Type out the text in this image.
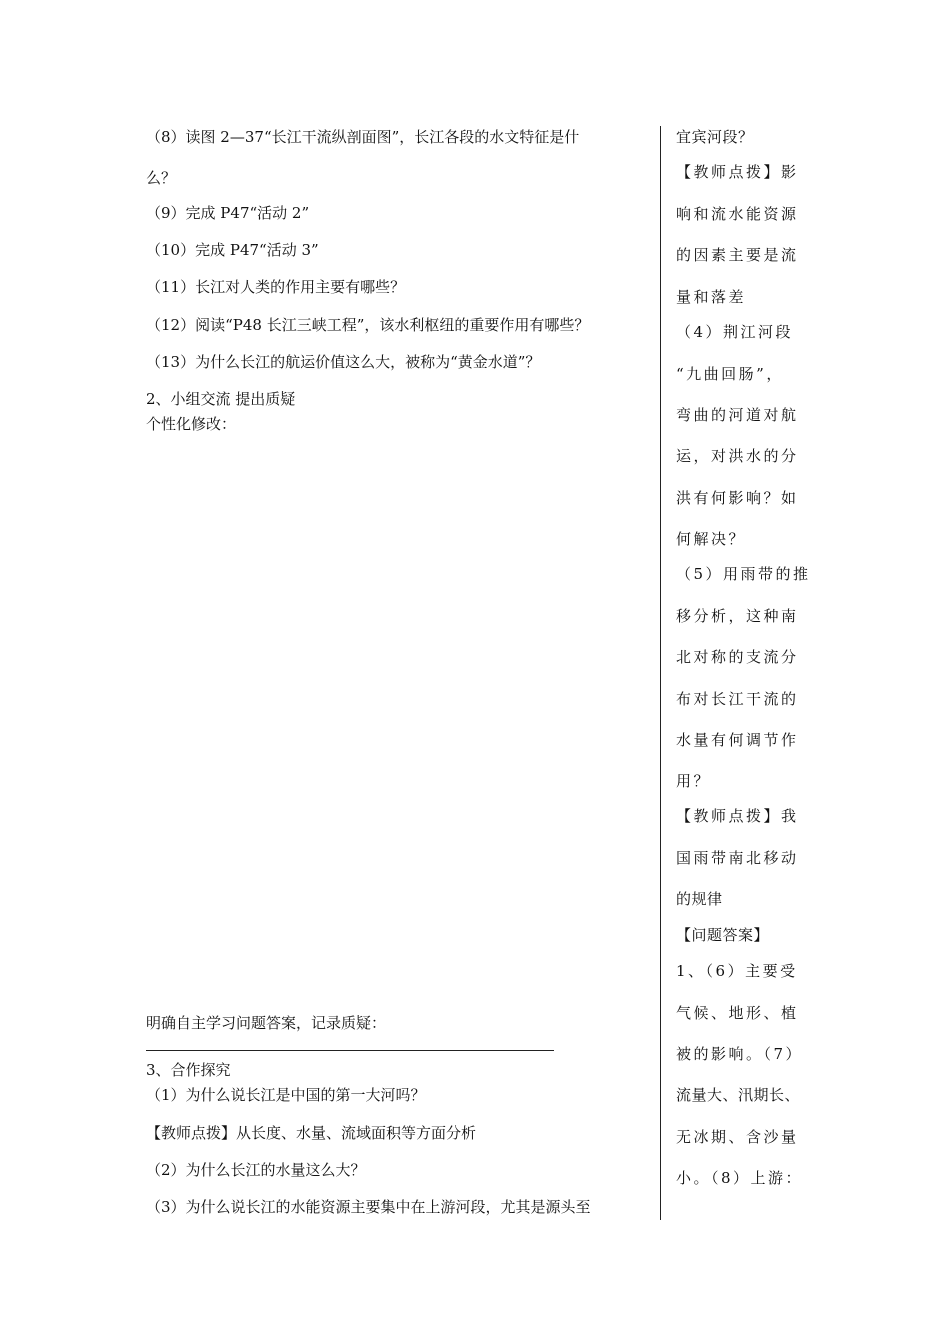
（8）读图 2—37“长江干流纵剖面图”，长江各段的水文特征是什
么？
（9）完成 P47“活动 2”
（10）完成 P47“活动 3”
（11）长江对人类的作用主要有哪些？
（12）阅读“P48 长江三峡工程”，该水利枢纽的重要作用有哪些？
（13）为什么长江的航运价值这么大，被称为“黄金水道”？
2、小组交流 提出质疑
个性化修改：
明确自主学习问题答案，记录质疑：
3、合作探究
（1）为什么说长江是中国的第一大河吗？
【教师点拨】从长度、水量、流域面积等方面分析
（2）为什么长江的水量这么大？
（3）为什么说长江的水能资源主要集中在上游河段，尤其是源头至
宜宾河段？
【教师点拨】影
响和流水能资源
的因素主要是流
量和落差
（4）荆江河段
“九曲回肠”，
弯曲的河道对航
运，对洪水的分
洪有何影响？如
何解决？
（5）用雨带的推
移分析，这种南
北对称的支流分
布对长江干流的
水量有何调节作
用？
【教师点拨】我
国雨带南北移动
的规律
【问题答案】
1、（6）主要受
气候、地形、植
被的影响。（7）
流量大、汛期长、
无冰期、含沙量
小。（8）上游：
